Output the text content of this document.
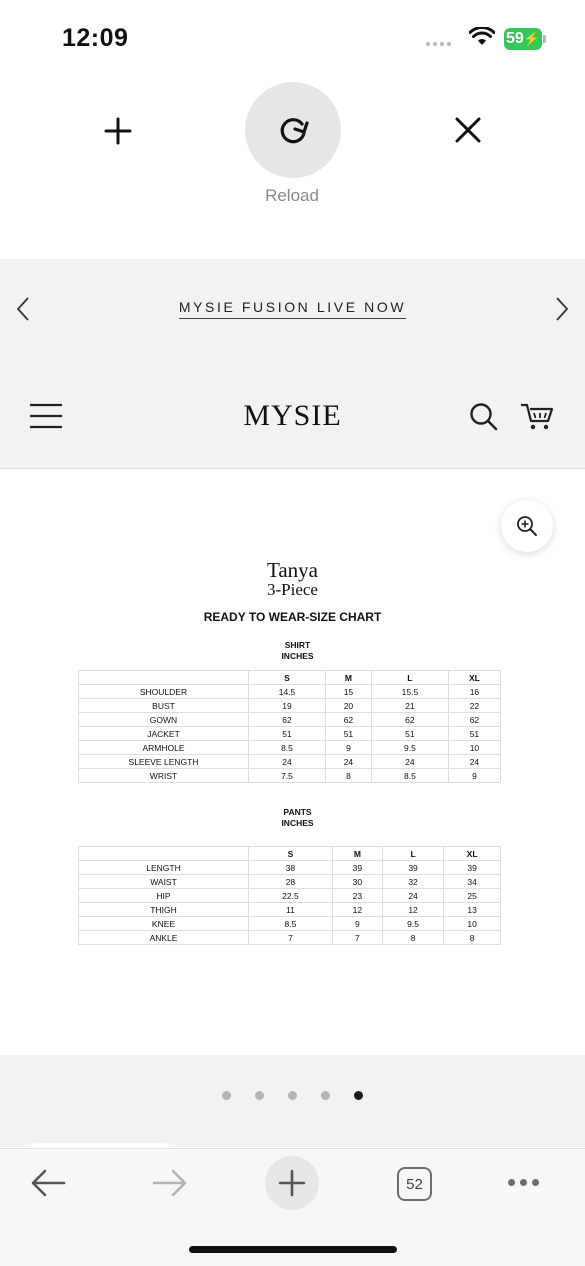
12:09	59 ⚡
Reload
MYSIE FUSION LIVE NOW
MYSIE
Tanya
3-Piece
READY TO WEAR-SIZE CHART
SHIRT
INCHES
	S	M	L	XL
SHOULDER	14.5	15	15.5	16
BUST	19	20	21	22
GOWN	62	62	62	62
JACKET	51	51	51	51
ARMHOLE	8.5	9	9.5	10
SLEEVE LENGTH	24	24	24	24
WRIST	7.5	8	8.5	9
PANTS
INCHES
	S	M	L	XL
LENGTH	38	39	39	39
WAIST	28	30	32	34
HIP	22.5	23	24	25
THIGH	11	12	12	13
KNEE	8.5	9	9.5	10
ANKLE	7	7	8	8
52
